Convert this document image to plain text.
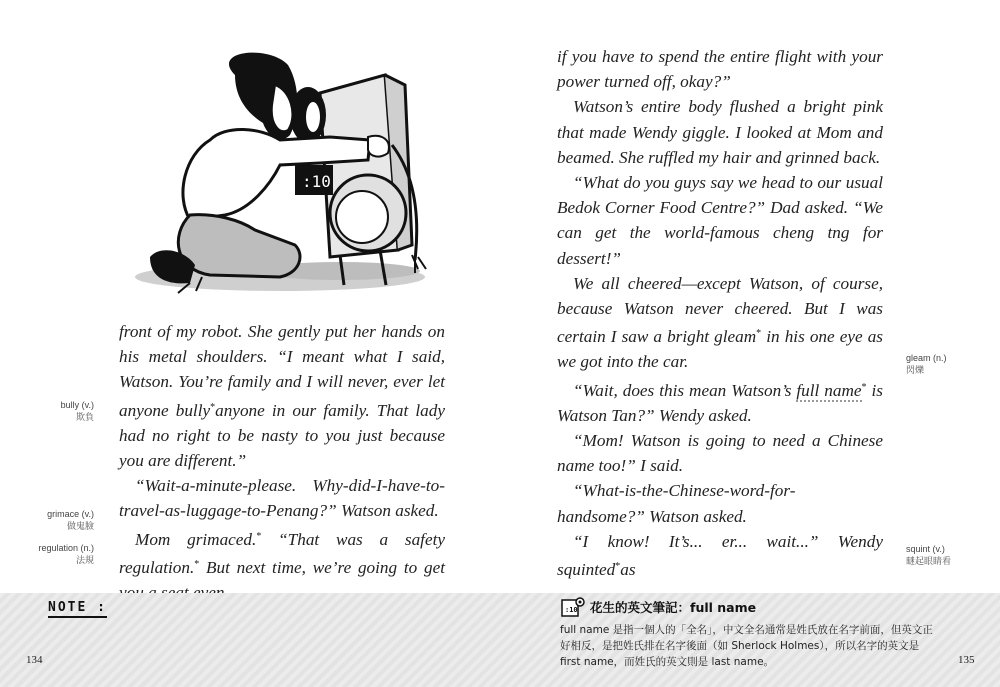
:10

front of my robot. She gently put her hands on his metal shoulders. “I meant what I said, Watson. You’re family and I will never, ever let anyone bully*anyone in our family. That lady had no right to be nasty to you just because you are different.”

“Wait-a-minute-please. Why-did-I-have-to-travel-as-luggage-to-Penang?” Watson asked.

Mom grimaced.* “That was a safety regulation.* But next time, we’re going to get

bully (v.)
欺負
grimace (v.)
做鬼臉
regulation (n.)
法規

if you have to spend the entire flight with your power turned off, okay?”

Watson’s entire body flushed a bright pink that made Wendy giggle. I looked at Mom and beamed. She ruffled my hair and grinned back.

“What do you guys say we head to our usual Bedok Corner Food Centre?” Dad asked. “We can get the world-famous cheng tng for dessert!”

We all cheered—except Watson, of course, because Watson never cheered. But I was certain I saw a bright gleam* in his one eye as we got into the car.

“Wait, does this mean Watson’s full name* is Watson Tan?” Wendy asked.

“Mom! Watson is going to need a Chinese name too!” I said.

“What-is-the-Chinese-word-for-handsome?” Watson asked.

“I know! It’s... er... wait...” Wendy squinted*as

gleam (n.)
閃爍
squint (v.)
瞇起眼睛看
NOTE :	:10 花生的英文筆記：full name
full name 是指一個人的「全名」，中文全名通常是姓氏放在名字前面，但英文正好相反，是把姓氏排在名字後面（如 Sherlock Holmes），所以名字的英文是 first name，而姓氏的英文則是 last name。
134	135
